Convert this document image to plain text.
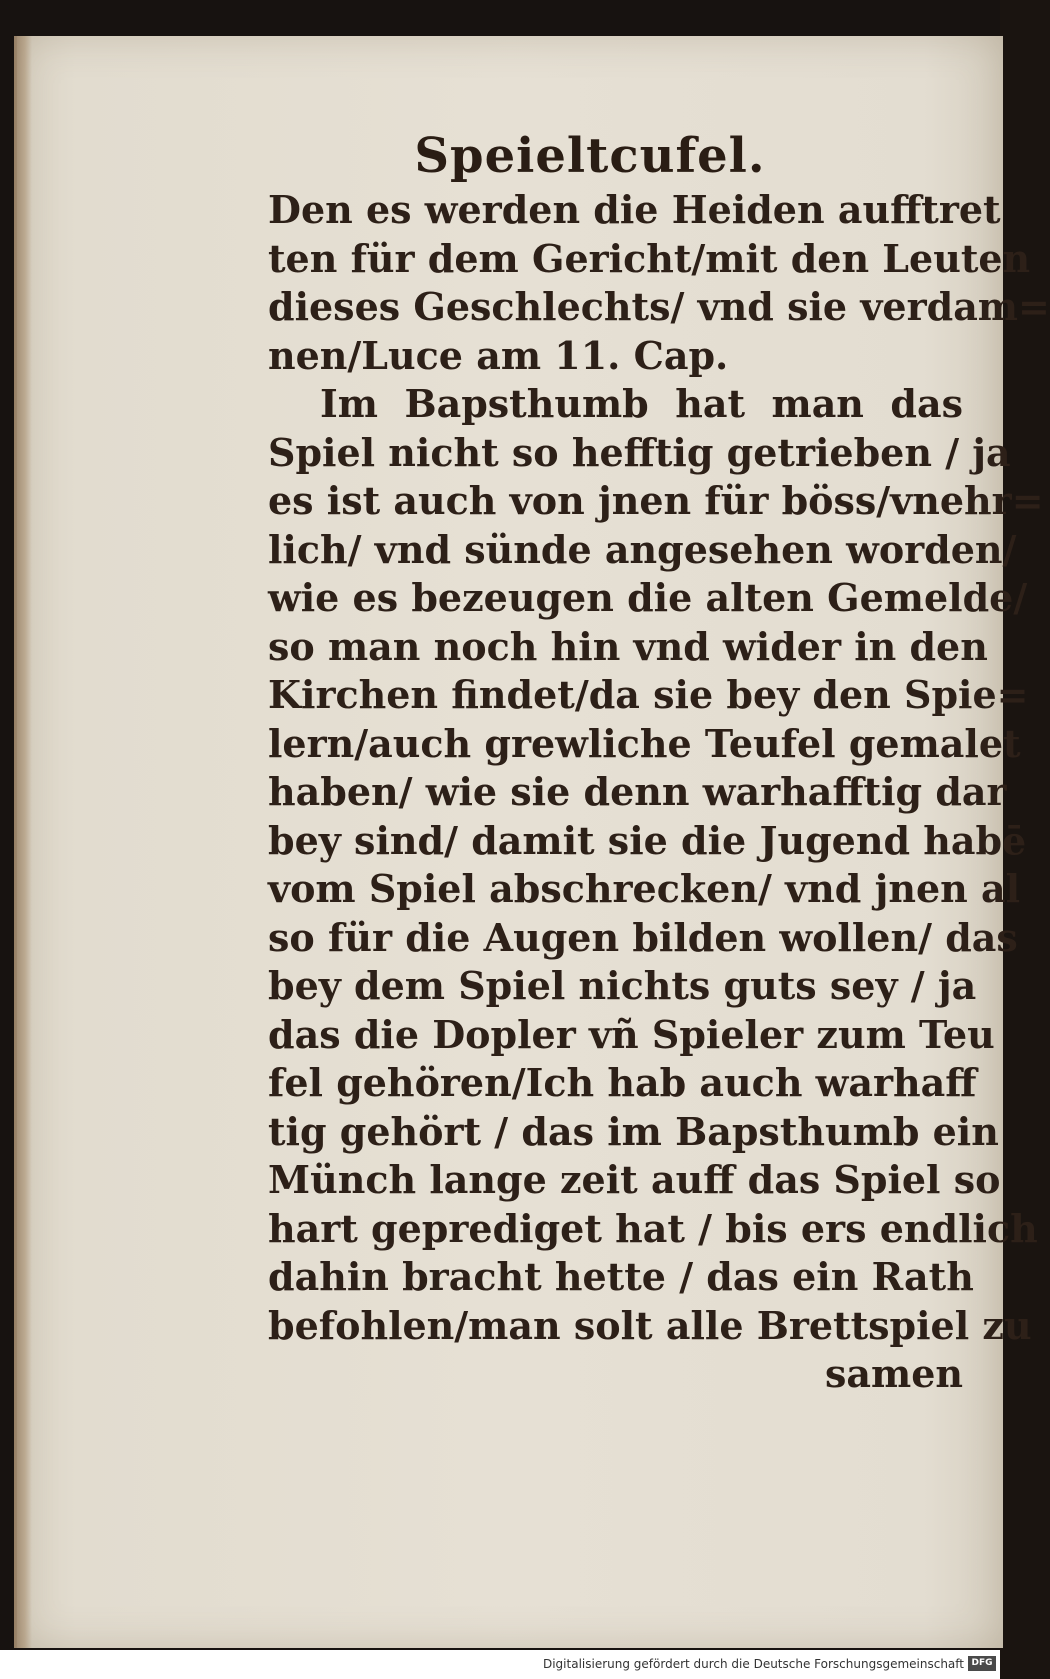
Speieltcufel.
Den es werden die Heiden aufftret
ten für dem Gericht/mit den Leuten
dieses Geschlechts/ vnd sie verdam=
nen/Luce am 11. Cap.
Im Bapsthumb hat man das
Spiel nicht so hefftig getrieben / ja
es ist auch von jnen für böss/vnehr=
lich/ vnd sünde angesehen worden/
wie es bezeugen die alten Gemelde/
so man noch hin vnd wider in den
Kirchen findet/da sie bey den Spie=
lern/auch grewliche Teufel gemalet
haben/ wie sie denn warhafftig dar
bey sind/ damit sie die Jugend habē
vom Spiel abschrecken/ vnd jnen al
so für die Augen bilden wollen/ das
bey dem Spiel nichts guts sey / ja
das die Dopler vñ Spieler zum Teu
fel gehören/Ich hab auch warhaff
tig gehört / das im Bapsthumb ein
Münch lange zeit auff das Spiel so
hart geprediget hat / bis ers endlich
dahin bracht hette / das ein Rath
befohlen/man solt alle Brettspiel zu
samen
Digitalisierung gefördert durch die Deutsche Forschungsgemeinschaft DFG
